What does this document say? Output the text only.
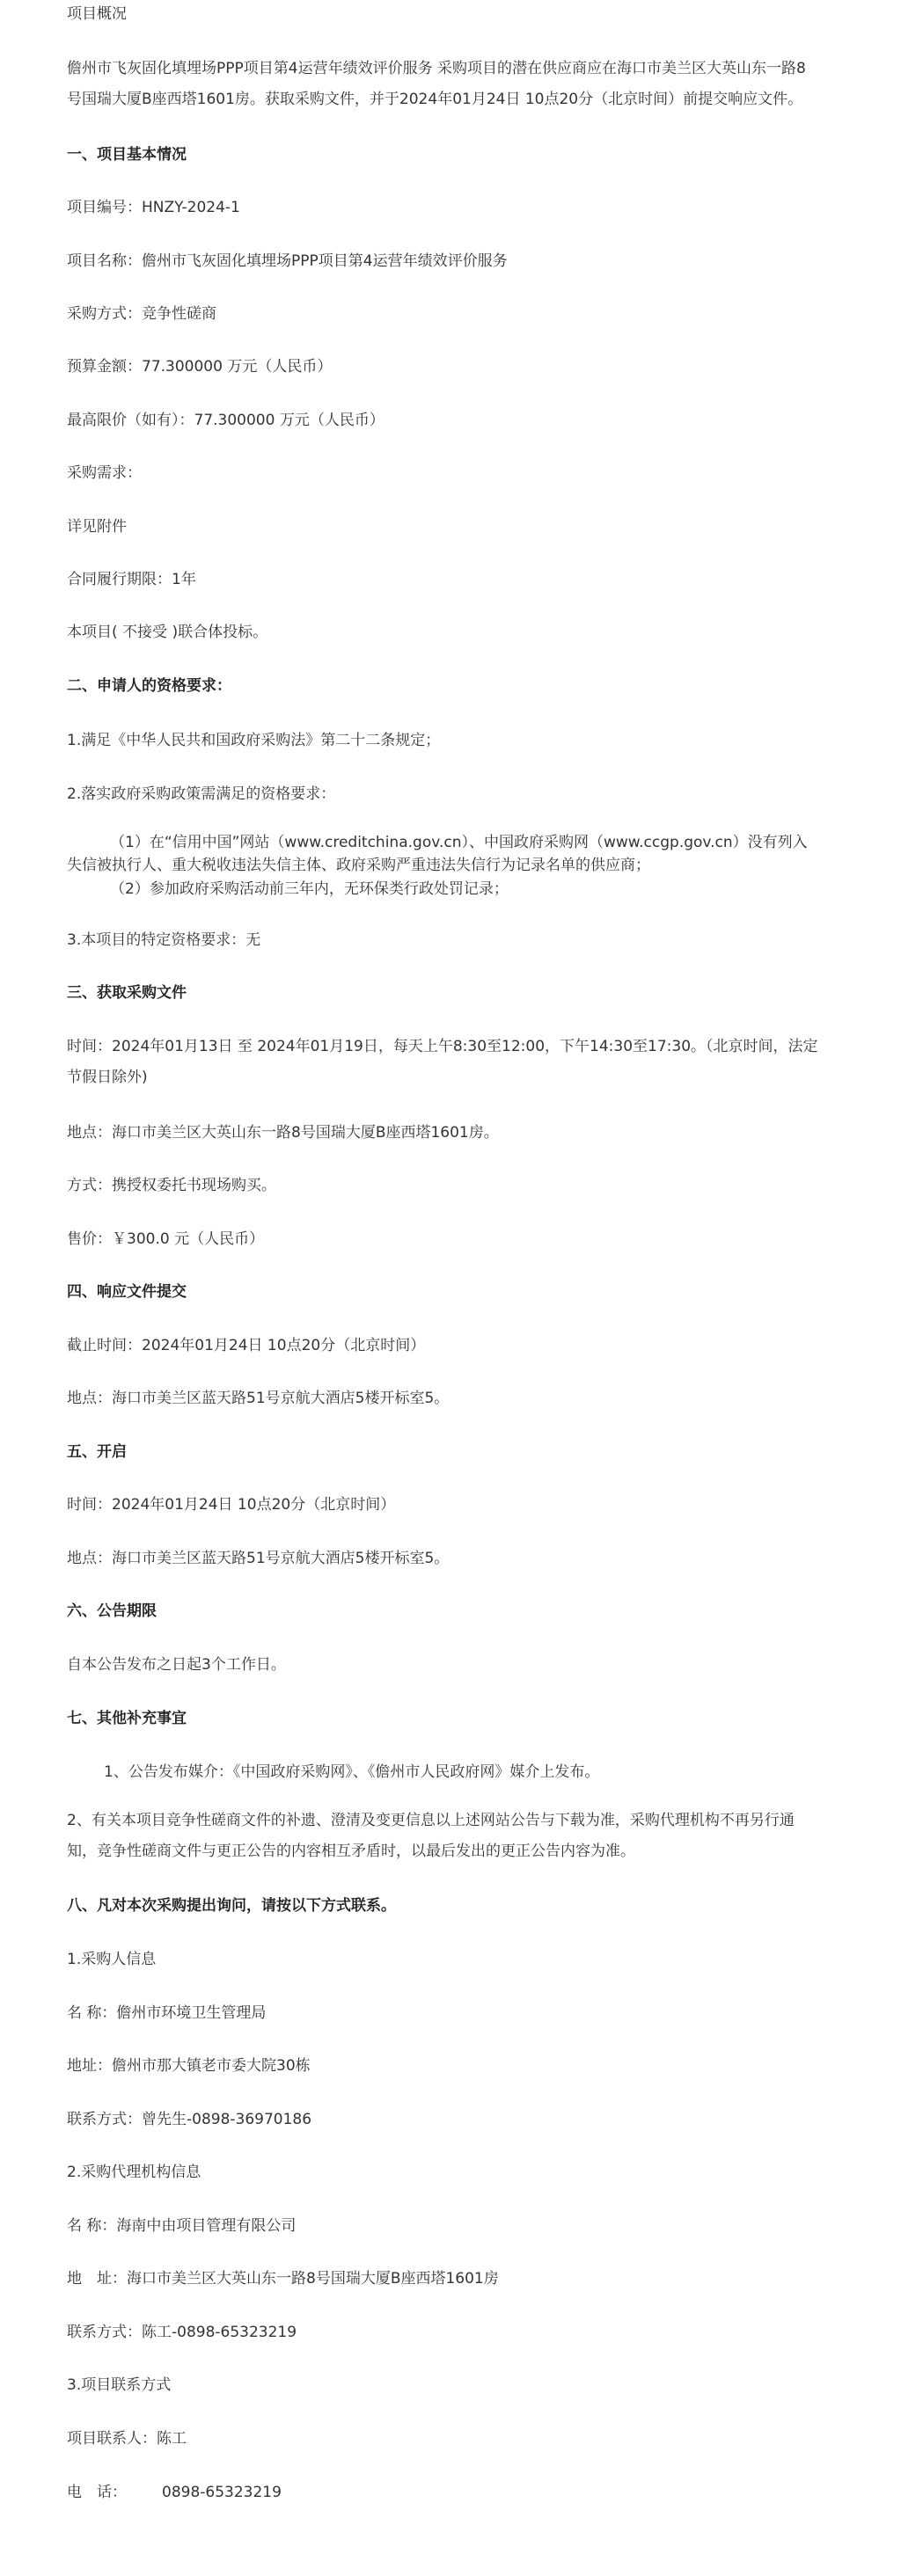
项目概况

儋州市飞灰固化填埋场PPP项目第4运营年绩效评价服务 采购项目的潜在供应商应在海口市美兰区大英山东一路8

号国瑞大厦B座西塔1601房。获取采购文件，并于2024年01月24日 10点20分（北京时间）前提交响应文件。

一、项目基本情况

项目编号：HNZY-2024-1

项目名称：儋州市飞灰固化填埋场PPP项目第4运营年绩效评价服务

采购方式：竞争性磋商

预算金额：77.300000 万元（人民币）

最高限价（如有）：77.300000 万元（人民币）

采购需求：

详见附件

合同履行期限：1年

本项目( 不接受 )联合体投标。

二、申请人的资格要求：

1.满足《中华人民共和国政府采购法》第二十二条规定；

2.落实政府采购政策需满足的资格要求：

（1）在“信用中国”网站（www.creditchina.gov.cn）、中国政府采购网（www.ccgp.gov.cn）没有列入

失信被执行人、重大税收违法失信主体、政府采购严重违法失信行为记录名单的供应商；

（2）参加政府采购活动前三年内，无环保类行政处罚记录；

3.本项目的特定资格要求：无

三、获取采购文件

时间：2024年01月13日 至 2024年01月19日，每天上午8:30至12:00，下午14:30至17:30。（北京时间，法定

节假日除外)

地点：海口市美兰区大英山东一路8号国瑞大厦B座西塔1601房。

方式：携授权委托书现场购买。

售价：￥300.0 元（人民币）

四、响应文件提交

截止时间：2024年01月24日 10点20分（北京时间）

地点：海口市美兰区蓝天路51号京航大酒店5楼开标室5。

五、开启

时间：2024年01月24日 10点20分（北京时间）

地点：海口市美兰区蓝天路51号京航大酒店5楼开标室5。

六、公告期限

自本公告发布之日起3个工作日。

七、其他补充事宜

1、公告发布媒介：《中国政府采购网》、《儋州市人民政府网》媒介上发布。

2、有关本项目竞争性磋商文件的补遗、澄清及变更信息以上述网站公告与下载为准，采购代理机构不再另行通

知，竞争性磋商文件与更正公告的内容相互矛盾时，以最后发出的更正公告内容为准。

八、凡对本次采购提出询问，请按以下方式联系。

1.采购人信息

名 称：儋州市环境卫生管理局

地址：儋州市那大镇老市委大院30栋

联系方式：曾先生-0898-36970186

2.采购代理机构信息

名 称：海南中由项目管理有限公司

地　址：海口市美兰区大英山东一路8号国瑞大厦B座西塔1601房

联系方式：陈工-0898-65323219

3.项目联系方式

项目联系人：陈工

电　话： 0898-65323219
